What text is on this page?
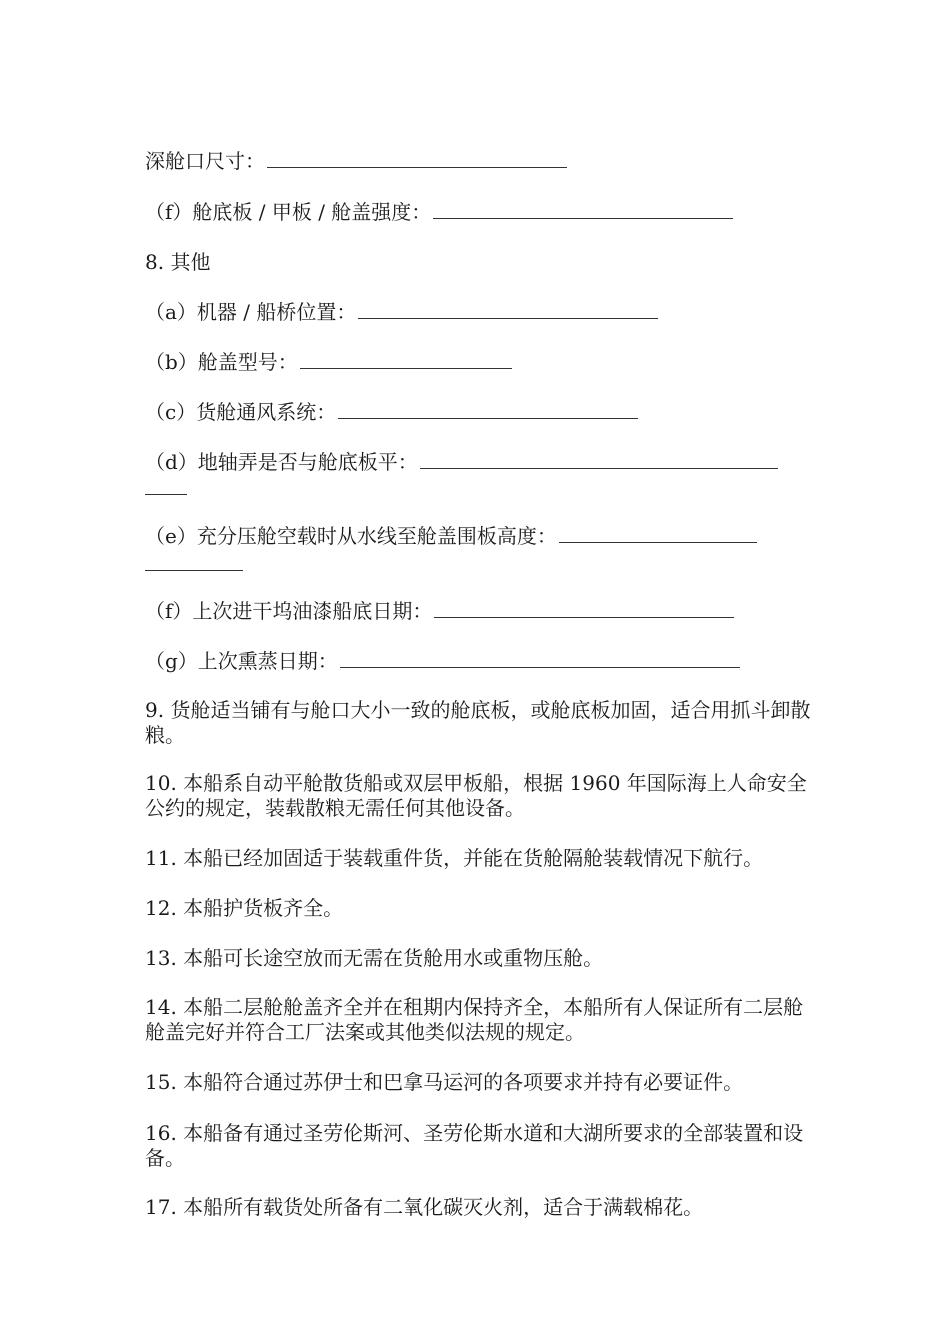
深舱口尺寸：
（f）舱底板 / 甲板 / 舱盖强度：
8. 其他
（a）机器 / 船桥位置：
（b）舱盖型号：
（c）货舱通风系统：
（d）地轴弄是否与舱底板平：
（e）充分压舱空载时从水线至舱盖围板高度：
（f）上次进干坞油漆船底日期：
（g）上次熏蒸日期：
9. 货舱适当铺有与舱口大小一致的舱底板，或舱底板加固，适合用抓斗卸散粮。
10. 本船系自动平舱散货船或双层甲板船，根据 1960 年国际海上人命安全公约的规定，装载散粮无需任何其他设备。
11. 本船已经加固适于装载重件货，并能在货舱隔舱装载情况下航行。
12. 本船护货板齐全。
13. 本船可长途空放而无需在货舱用水或重物压舱。
14. 本船二层舱舱盖齐全并在租期内保持齐全，本船所有人保证所有二层舱舱盖完好并符合工厂法案或其他类似法规的规定。
15. 本船符合通过苏伊士和巴拿马运河的各项要求并持有必要证件。
16. 本船备有通过圣劳伦斯河、圣劳伦斯水道和大湖所要求的全部装置和设备。
17. 本船所有载货处所备有二氧化碳灭火剂，适合于满载棉花。
